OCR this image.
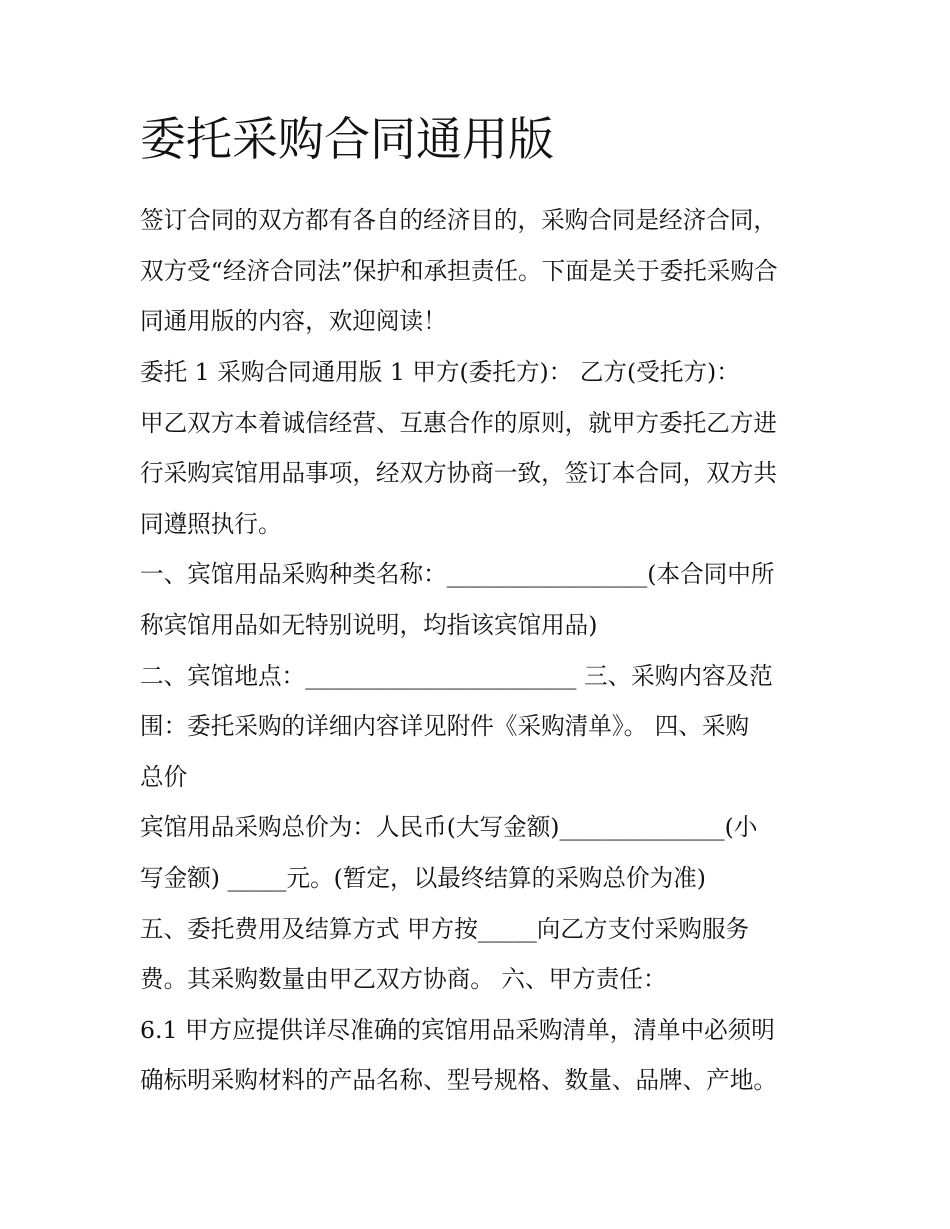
委托采购合同通用版

签订合同的双方都有各自的经济目的，采购合同是经济合同，

双方受“经济合同法”保护和承担责任。下面是关于委托采购合

同通用版的内容，欢迎阅读！

委托 1 采购合同通用版 1 甲方(委托方)： 乙方(受托方)：

甲乙双方本着诚信经营、互惠合作的原则，就甲方委托乙方进

行采购宾馆用品事项，经双方协商一致，签订本合同，双方共

同遵照执行。

一、宾馆用品采购种类名称：_________________(本合同中所

称宾馆用品如无特别说明，均指该宾馆用品)

二、宾馆地点：_______________________ 三、采购内容及范

围：委托采购的详细内容详见附件《采购清单》。 四、采购

总价

宾馆用品采购总价为：人民币(大写金额)______________(小

写金额) _____元。(暂定，以最终结算的采购总价为准)

五、委托费用及结算方式 甲方按_____向乙方支付采购服务

费。其采购数量由甲乙双方协商。 六、甲方责任：

6.1 甲方应提供详尽准确的宾馆用品采购清单，清单中必须明

确标明采购材料的产品名称、型号规格、数量、品牌、产地。
